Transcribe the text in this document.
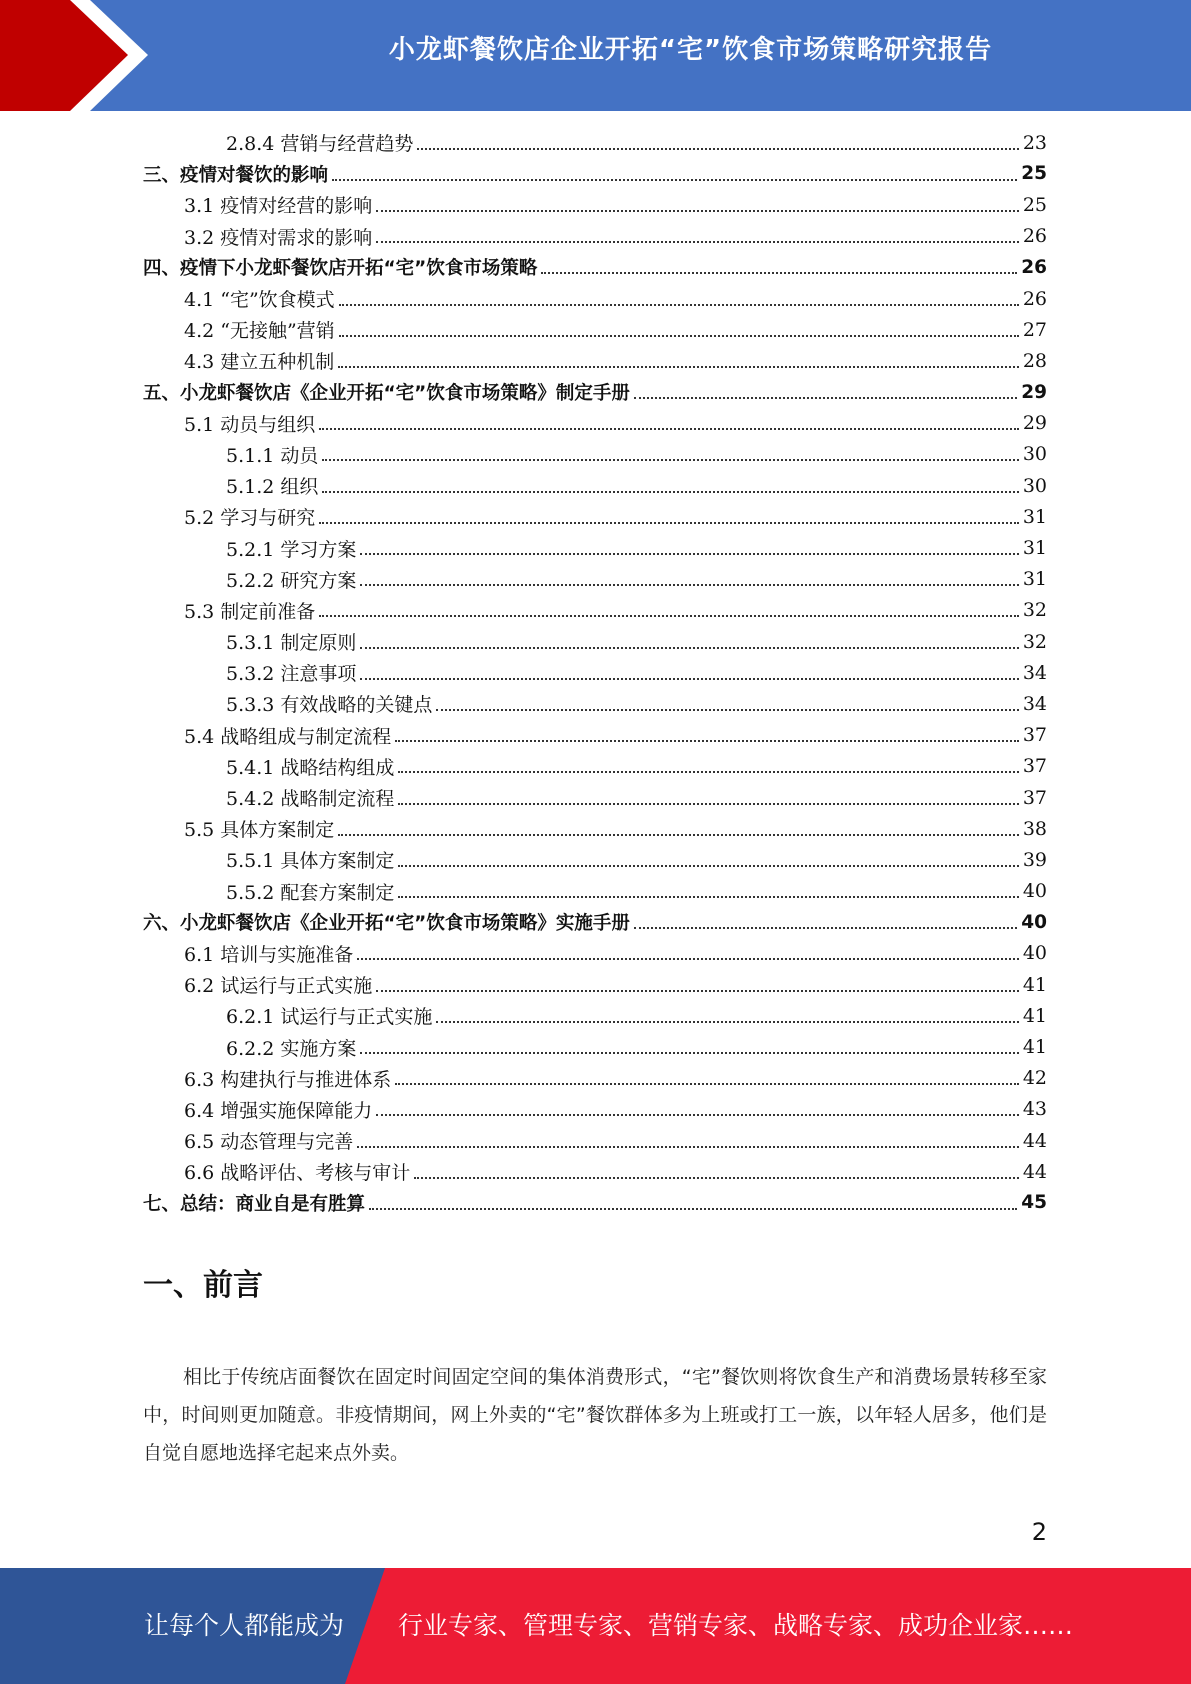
小龙虾餐饮店企业开拓“宅”饮食市场策略研究报告
2.8.4 营销与经营趋势	23
三、疫情对餐饮的影响	25
3.1 疫情对经营的影响	25
3.2 疫情对需求的影响	26
四、疫情下小龙虾餐饮店开拓“宅”饮食市场策略	26
4.1 “宅”饮食模式	26
4.2 “无接触”营销	27
4.3 建立五种机制	28
五、小龙虾餐饮店《企业开拓“宅”饮食市场策略》制定手册	29
5.1 动员与组织	29
5.1.1 动员	30
5.1.2 组织	30
5.2 学习与研究	31
5.2.1 学习方案	31
5.2.2 研究方案	31
5.3 制定前准备	32
5.3.1 制定原则	32
5.3.2 注意事项	34
5.3.3 有效战略的关键点	34
5.4 战略组成与制定流程	37
5.4.1 战略结构组成	37
5.4.2 战略制定流程	37
5.5 具体方案制定	38
5.5.1 具体方案制定	39
5.5.2 配套方案制定	40
六、小龙虾餐饮店《企业开拓“宅”饮食市场策略》实施手册	40
6.1 培训与实施准备	40
6.2 试运行与正式实施	41
6.2.1 试运行与正式实施	41
6.2.2 实施方案	41
6.3 构建执行与推进体系	42
6.4 增强实施保障能力	43
6.5 动态管理与完善	44
6.6 战略评估、考核与审计	44
七、总结：商业自是有胜算	45
一、前言

相比于传统店面餐饮在固定时间固定空间的集体消费形式，“宅”餐饮则将饮食生产和消费场景转移至家中，时间则更加随意。非疫情期间，网上外卖的“宅”餐饮群体多为上班或打工一族，以年轻人居多，他们是自觉自愿地选择宅起来点外卖。

2
让每个人都能成为 行业专家、管理专家、营销专家、战略专家、成功企业家……
